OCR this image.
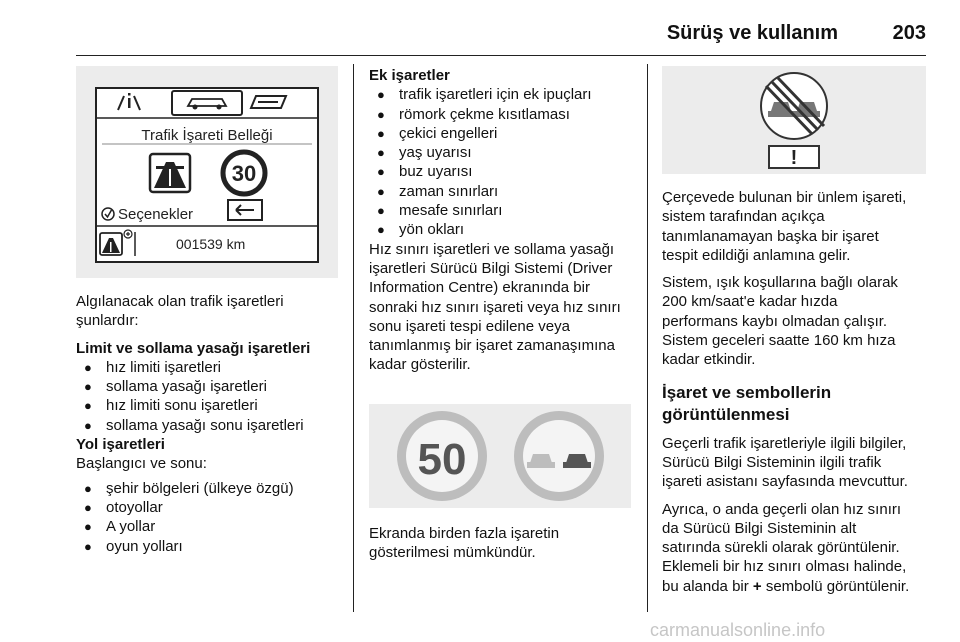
Sürüş ve kullanım	203
Trafik İşareti Belleği
30
Seçenekler
001539 km

Algılanacak olan trafik işaretleri

şunlardır:

Limit ve sollama yasağı işaretleri

● hız limiti işaretleri

● sollama yasağı işaretleri

● hız limiti sonu işaretleri

● sollama yasağı sonu işaretleri

Yol işaretleri

Başlangıcı ve sonu:

● şehir bölgeleri (ülkeye özgü)

● otoyollar

● A yollar

● oyun yolları

Ek işaretler

● trafik işaretleri için ek ipuçları

● römork çekme kısıtlaması

● çekici engelleri

● yaş uyarısı

● buz uyarısı

● zaman sınırları

● mesafe sınırları

● yön okları

Hız sınırı işaretleri ve sollama yasağı

işaretleri Sürücü Bilgi Sistemi (Driver

Information Centre) ekranında bir

sonraki hız sınırı işareti veya hız sınırı

sonu işareti tespi edilene veya

tanımlanmış bir işaret zamanaşımına

kadar gösterilir.

50

Ekranda birden fazla işaretin

gösterilmesi mümkündür.

!

Çerçevede bulunan bir ünlem işareti,

sistem tarafından açıkça

tanımlanamayan başka bir işaret

tespit edildiği anlamına gelir.

Sistem, ışık koşullarına bağlı olarak

200 km/saat'e kadar hızda

performans kaybı olmadan çalışır.

Sistem geceleri saatte 160 km hıza

kadar etkindir.

İşaret ve sembollerin

görüntülenmesi

Geçerli trafik işaretleriyle ilgili bilgiler,

Sürücü Bilgi Sisteminin ilgili trafik

işareti asistanı sayfasında mevcuttur.

Ayrıca, o anda geçerli olan hız sınırı

da Sürücü Bilgi Sisteminin alt

satırında sürekli olarak görüntülenir.

Eklemeli bir hız sınırı olması halinde,

bu alanda bir + sembolü görüntülenir.

carmanualsonline.info
